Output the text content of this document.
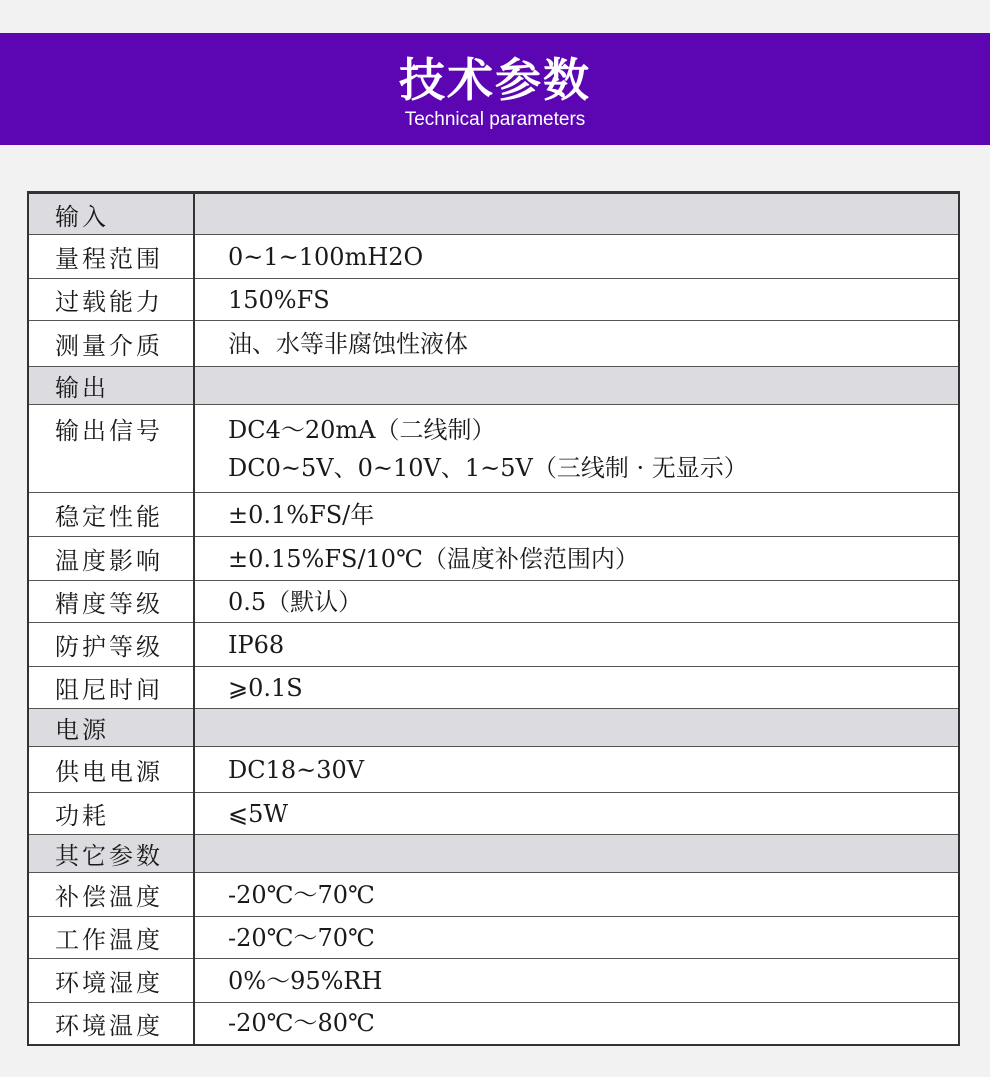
技术参数
Technical parameters
输入	

量程范围	0~1~100mH2O

过载能力	150%FS

测量介质	油、水等非腐蚀性液体

输出	

输出信号	DC4～20mA（二线制）
DC0~5V、0~10V、1~5V（三线制 · 无显示）

稳定性能	±0.1%FS/年

温度影响	±0.15%FS/10℃（温度补偿范围内）

精度等级	0.5（默认）

防护等级	IP68

阻尼时间	⩾0.1S

电源	

供电电源	DC18~30V

功耗	⩽5W

其它参数	

补偿温度	-20℃～70℃

工作温度	-20℃～70℃

环境湿度	0%～95%RH

环境温度	-20℃～80℃
